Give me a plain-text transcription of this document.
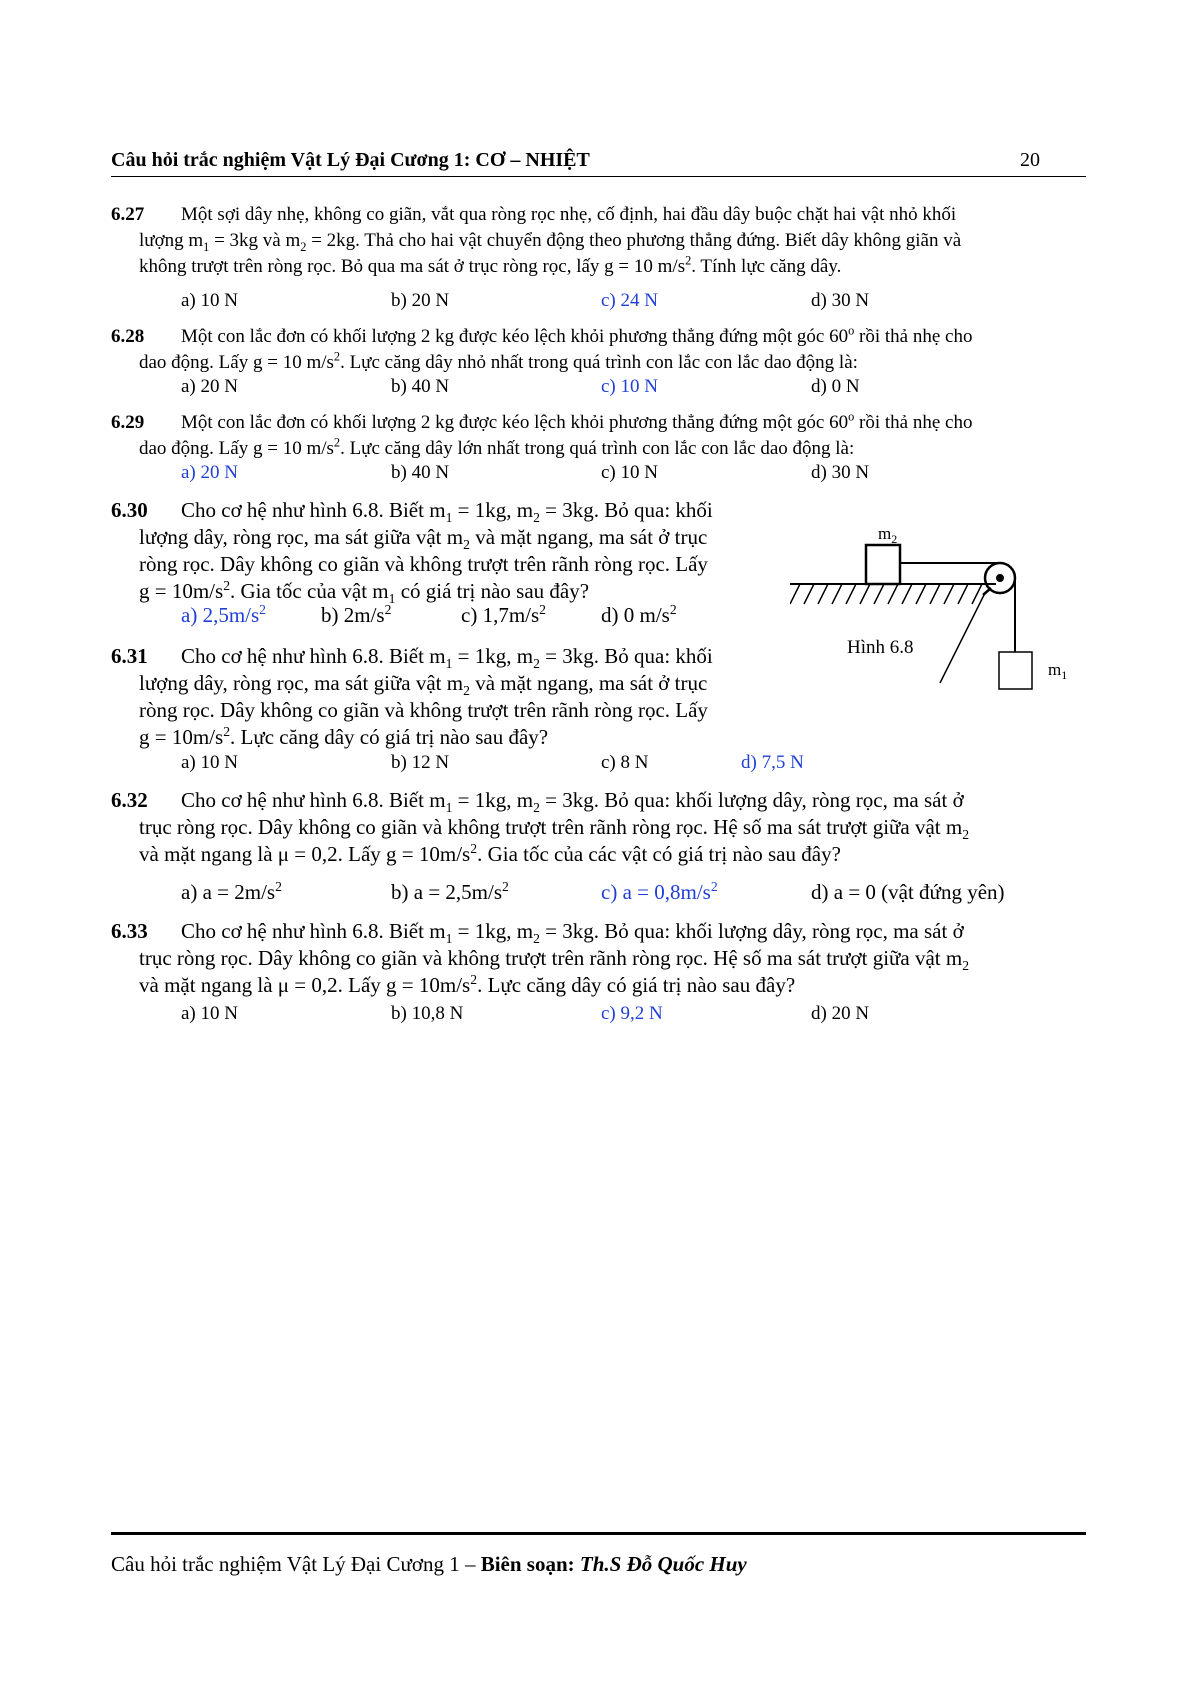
Câu hỏi trắc nghiệm Vật Lý Đại Cương 1: CƠ – NHIỆT	20
6.27 Một sợi dây nhẹ, không co giãn, vắt qua ròng rọc nhẹ, cố định, hai đầu dây buộc chặt hai vật nhỏ khối
lượng $m_1 = 3kg$ và $m_2 = 2kg$. Thả cho hai vật chuyển động theo phương thẳng đứng. Biết dây không giãn và
không trượt trên ròng rọc. Bỏ qua ma sát ở trục ròng rọc, lấy g = 10 $m/s^2$. Tính lực căng dây.
a) 10 N	b) 20 N	c) 24 N	d) 30 N
6.28 Một con lắc đơn có khối lượng 2 kg được kéo lệch khỏi phương thẳng đứng một góc 60$^o$ rồi thả nhẹ cho
dao động. Lấy g = 10 $m/s^2$. Lực căng dây nhỏ nhất trong quá trình con lắc con lắc dao động là:
a) 20 N	b) 40 N	c) 10 N	d) 0 N
6.29 Một con lắc đơn có khối lượng 2 kg được kéo lệch khỏi phương thẳng đứng một góc 60$^o$ rồi thả nhẹ cho
dao động. Lấy g = 10 $m/s^2$. Lực căng dây lớn nhất trong quá trình con lắc con lắc dao động là:
a) 20 N	b) 40 N	c) 10 N	d) 30 N
6.30 Cho cơ hệ như hình 6.8. Biết $m_1 = 1kg$, $m_2 = 3kg$. Bỏ qua: khối
lượng dây, ròng rọc, ma sát giữa vật $m_2$ và mặt ngang, ma sát ở trục
ròng rọc. Dây không co giãn và không trượt trên rãnh ròng rọc. Lấy
$g = 10m/s^2$. Gia tốc của vật $m_1$ có giá trị nào sau đây?
a) $2,5m/s^2$	b) $2m/s^2$	c) $1,7m/s^2$	d) 0 $m/s^2$
6.31 Cho cơ hệ như hình 6.8. Biết $m_1 = 1kg$, $m_2 = 3kg$. Bỏ qua: khối
lượng dây, ròng rọc, ma sát giữa vật $m_2$ và mặt ngang, ma sát ở trục
ròng rọc. Dây không co giãn và không trượt trên rãnh ròng rọc. Lấy
$g = 10m/s^2$. Lực căng dây có giá trị nào sau đây?
a) 10 N	b) 12 N	c) 8 N	d) 7,5 N
$m_2$
$m_1$
Hình 6.8
6.32 Cho cơ hệ như hình 6.8. Biết $m_1 = 1kg$, $m_2 = 3kg$. Bỏ qua: khối lượng dây, ròng rọc, ma sát ở
trục ròng rọc. Dây không co giãn và không trượt trên rãnh ròng rọc. Hệ số ma sát trượt giữa vật $m_2$
và mặt ngang là μ = 0,2. Lấy $g = 10m/s^2$. Gia tốc của các vật có giá trị nào sau đây?
a) $a = 2m/s^2$	b) $a = 2,5m/s^2$	c) $a = 0,8m/s^2$	d) a = 0 (vật đứng yên)
6.33 Cho cơ hệ như hình 6.8. Biết $m_1 = 1kg$, $m_2 = 3kg$. Bỏ qua: khối lượng dây, ròng rọc, ma sát ở
trục ròng rọc. Dây không co giãn và không trượt trên rãnh ròng rọc. Hệ số ma sát trượt giữa vật $m_2$
và mặt ngang là μ = 0,2. Lấy $g = 10m/s^2$. Lực căng dây có giá trị nào sau đây?
a) 10 N	b) 10,8 N	c) 9,2 N	d) 20 N
Câu hỏi trắc nghiệm Vật Lý Đại Cương 1 – Biên soạn: Th.S Đỗ Quốc Huy
